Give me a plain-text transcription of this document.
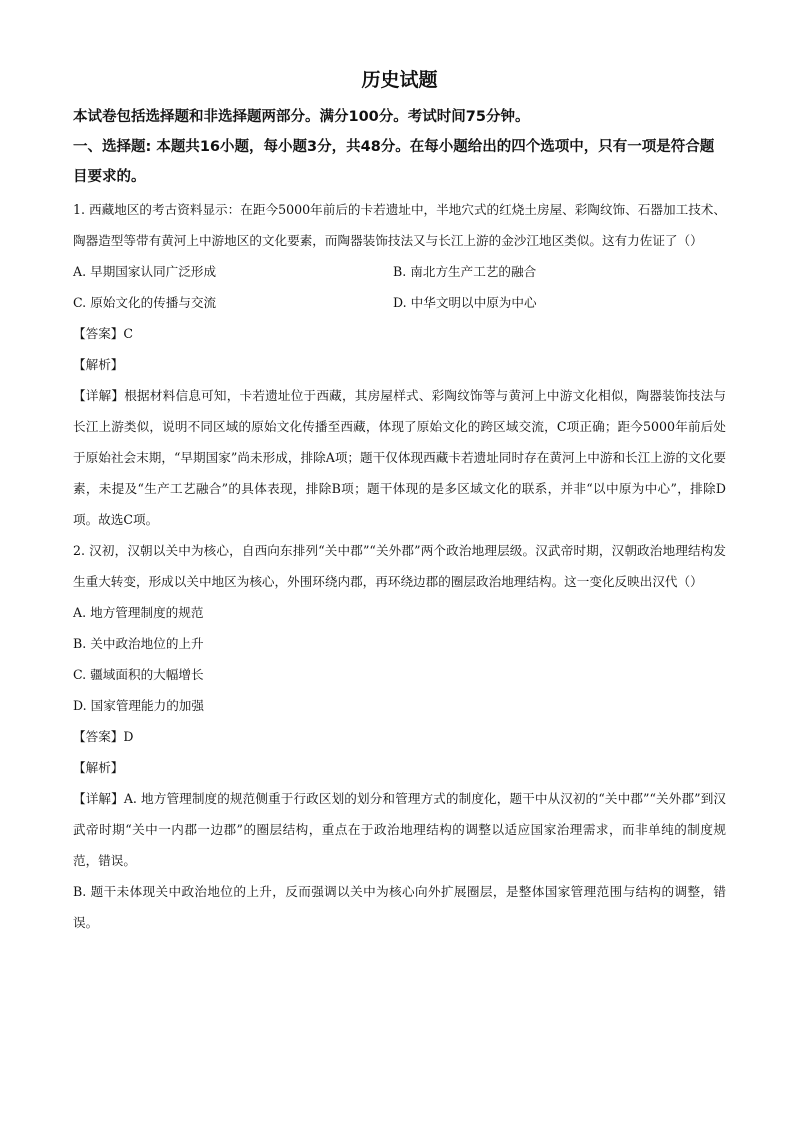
历史试题

本试卷包括选择题和非选择题两部分。满分100分。考试时间75分钟。

一、选择题: 本题共16小题，每小题3分，共48分。在每小题给出的四个选项中，只有一项是符合题目要求的。

1. 西藏地区的考古资料显示：在距今5000年前后的卡若遗址中，半地穴式的红烧土房屋、彩陶纹饰、石器加工技术、陶器造型等带有黄河上中游地区的文化要素，而陶器装饰技法又与长江上游的金沙江地区类似。这有力佐证了（）

A. 早期国家认同广泛形成	B. 南北方生产工艺的融合

C. 原始文化的传播与交流	D. 中华文明以中原为中心

【答案】C

【解析】

【详解】根据材料信息可知，卡若遗址位于西藏，其房屋样式、彩陶纹饰等与黄河上中游文化相似，陶器装饰技法与长江上游类似，说明不同区域的原始文化传播至西藏，体现了原始文化的跨区域交流，C项正确；距今5000年前后处于原始社会末期，“早期国家”尚未形成，排除A项；题干仅体现西藏卡若遗址同时存在黄河上中游和长江上游的文化要素，未提及“生产工艺融合”的具体表现，排除B项；题干体现的是多区域文化的联系，并非“以中原为中心”，排除D项。故选C项。

2. 汉初，汉朝以关中为核心，自西向东排列“关中郡”“关外郡”两个政治地理层级。汉武帝时期，汉朝政治地理结构发生重大转变，形成以关中地区为核心，外围环绕内郡，再环绕边郡的圈层政治地理结构。这一变化反映出汉代（）

A. 地方管理制度的规范

B. 关中政治地位的上升

C. 疆域面积的大幅增长

D. 国家管理能力的加强

【答案】D

【解析】

【详解】A. 地方管理制度的规范侧重于行政区划的划分和管理方式的制度化，题干中从汉初的“关中郡”“关外郡”到汉武帝时期“关中一内郡一边郡”的圈层结构，重点在于政治地理结构的调整以适应国家治理需求，而非单纯的制度规范，错误。

B. 题干未体现关中政治地位的上升，反而强调以关中为核心向外扩展圈层，是整体国家管理范围与结构的调整，错误。
